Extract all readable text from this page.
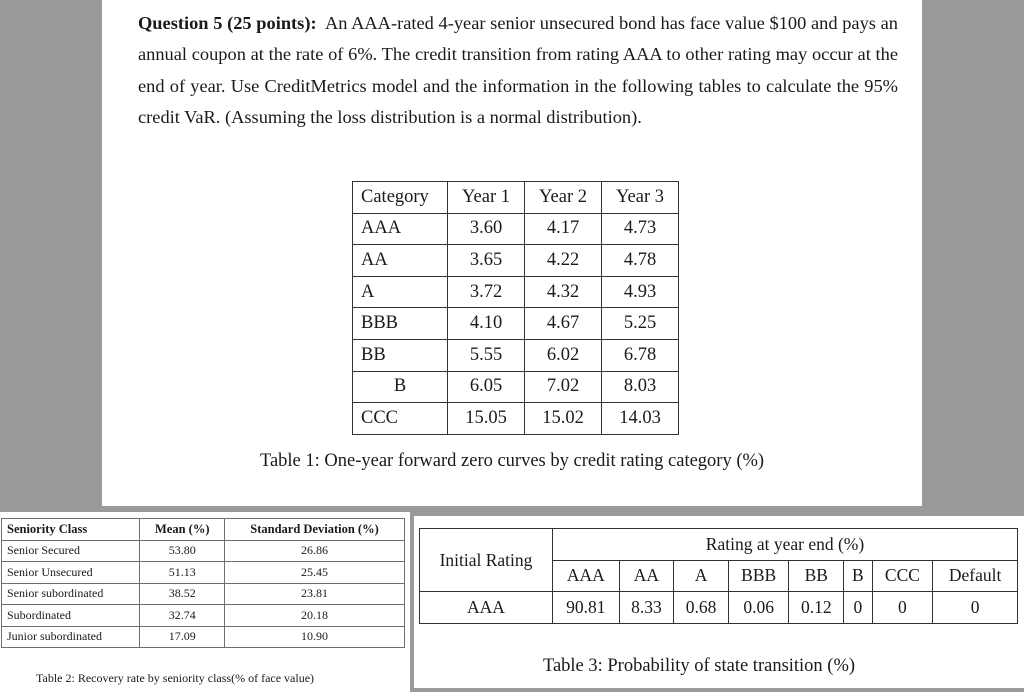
Question 5 (25 points): An AAA-rated 4-year senior unsecured bond has face value $100 and pays an annual coupon at the rate of 6%. The credit transition from rating AAA to other rating may occur at the end of year. Use CreditMetrics model and the information in the following tables to calculate the 95% credit VaR. (Assuming the loss distribution is a normal distribution).
Category	Year 1	Year 2	Year 3
AAA	3.60	4.17	4.73
AA	3.65	4.22	4.78
A	3.72	4.32	4.93
BBB	4.10	4.67	5.25
BB	5.55	6.02	6.78
B	6.05	7.02	8.03
CCC	15.05	15.02	14.03
Table 1: One-year forward zero curves by credit rating category (%)
Seniority Class	Mean (%)	Standard Deviation (%)
Senior Secured	53.80	26.86
Senior Unsecured	51.13	25.45
Senior subordinated	38.52	23.81
Subordinated	32.74	20.18
Junior subordinated	17.09	10.90
Table 2: Recovery rate by seniority class(% of face value)
Initial Rating	Rating at year end (%)							
	AAA	AA	A	BBB	BB	B	CCC	Default
AAA	90.81	8.33	0.68	0.06	0.12	0	0	0
Table 3: Probability of state transition (%)
